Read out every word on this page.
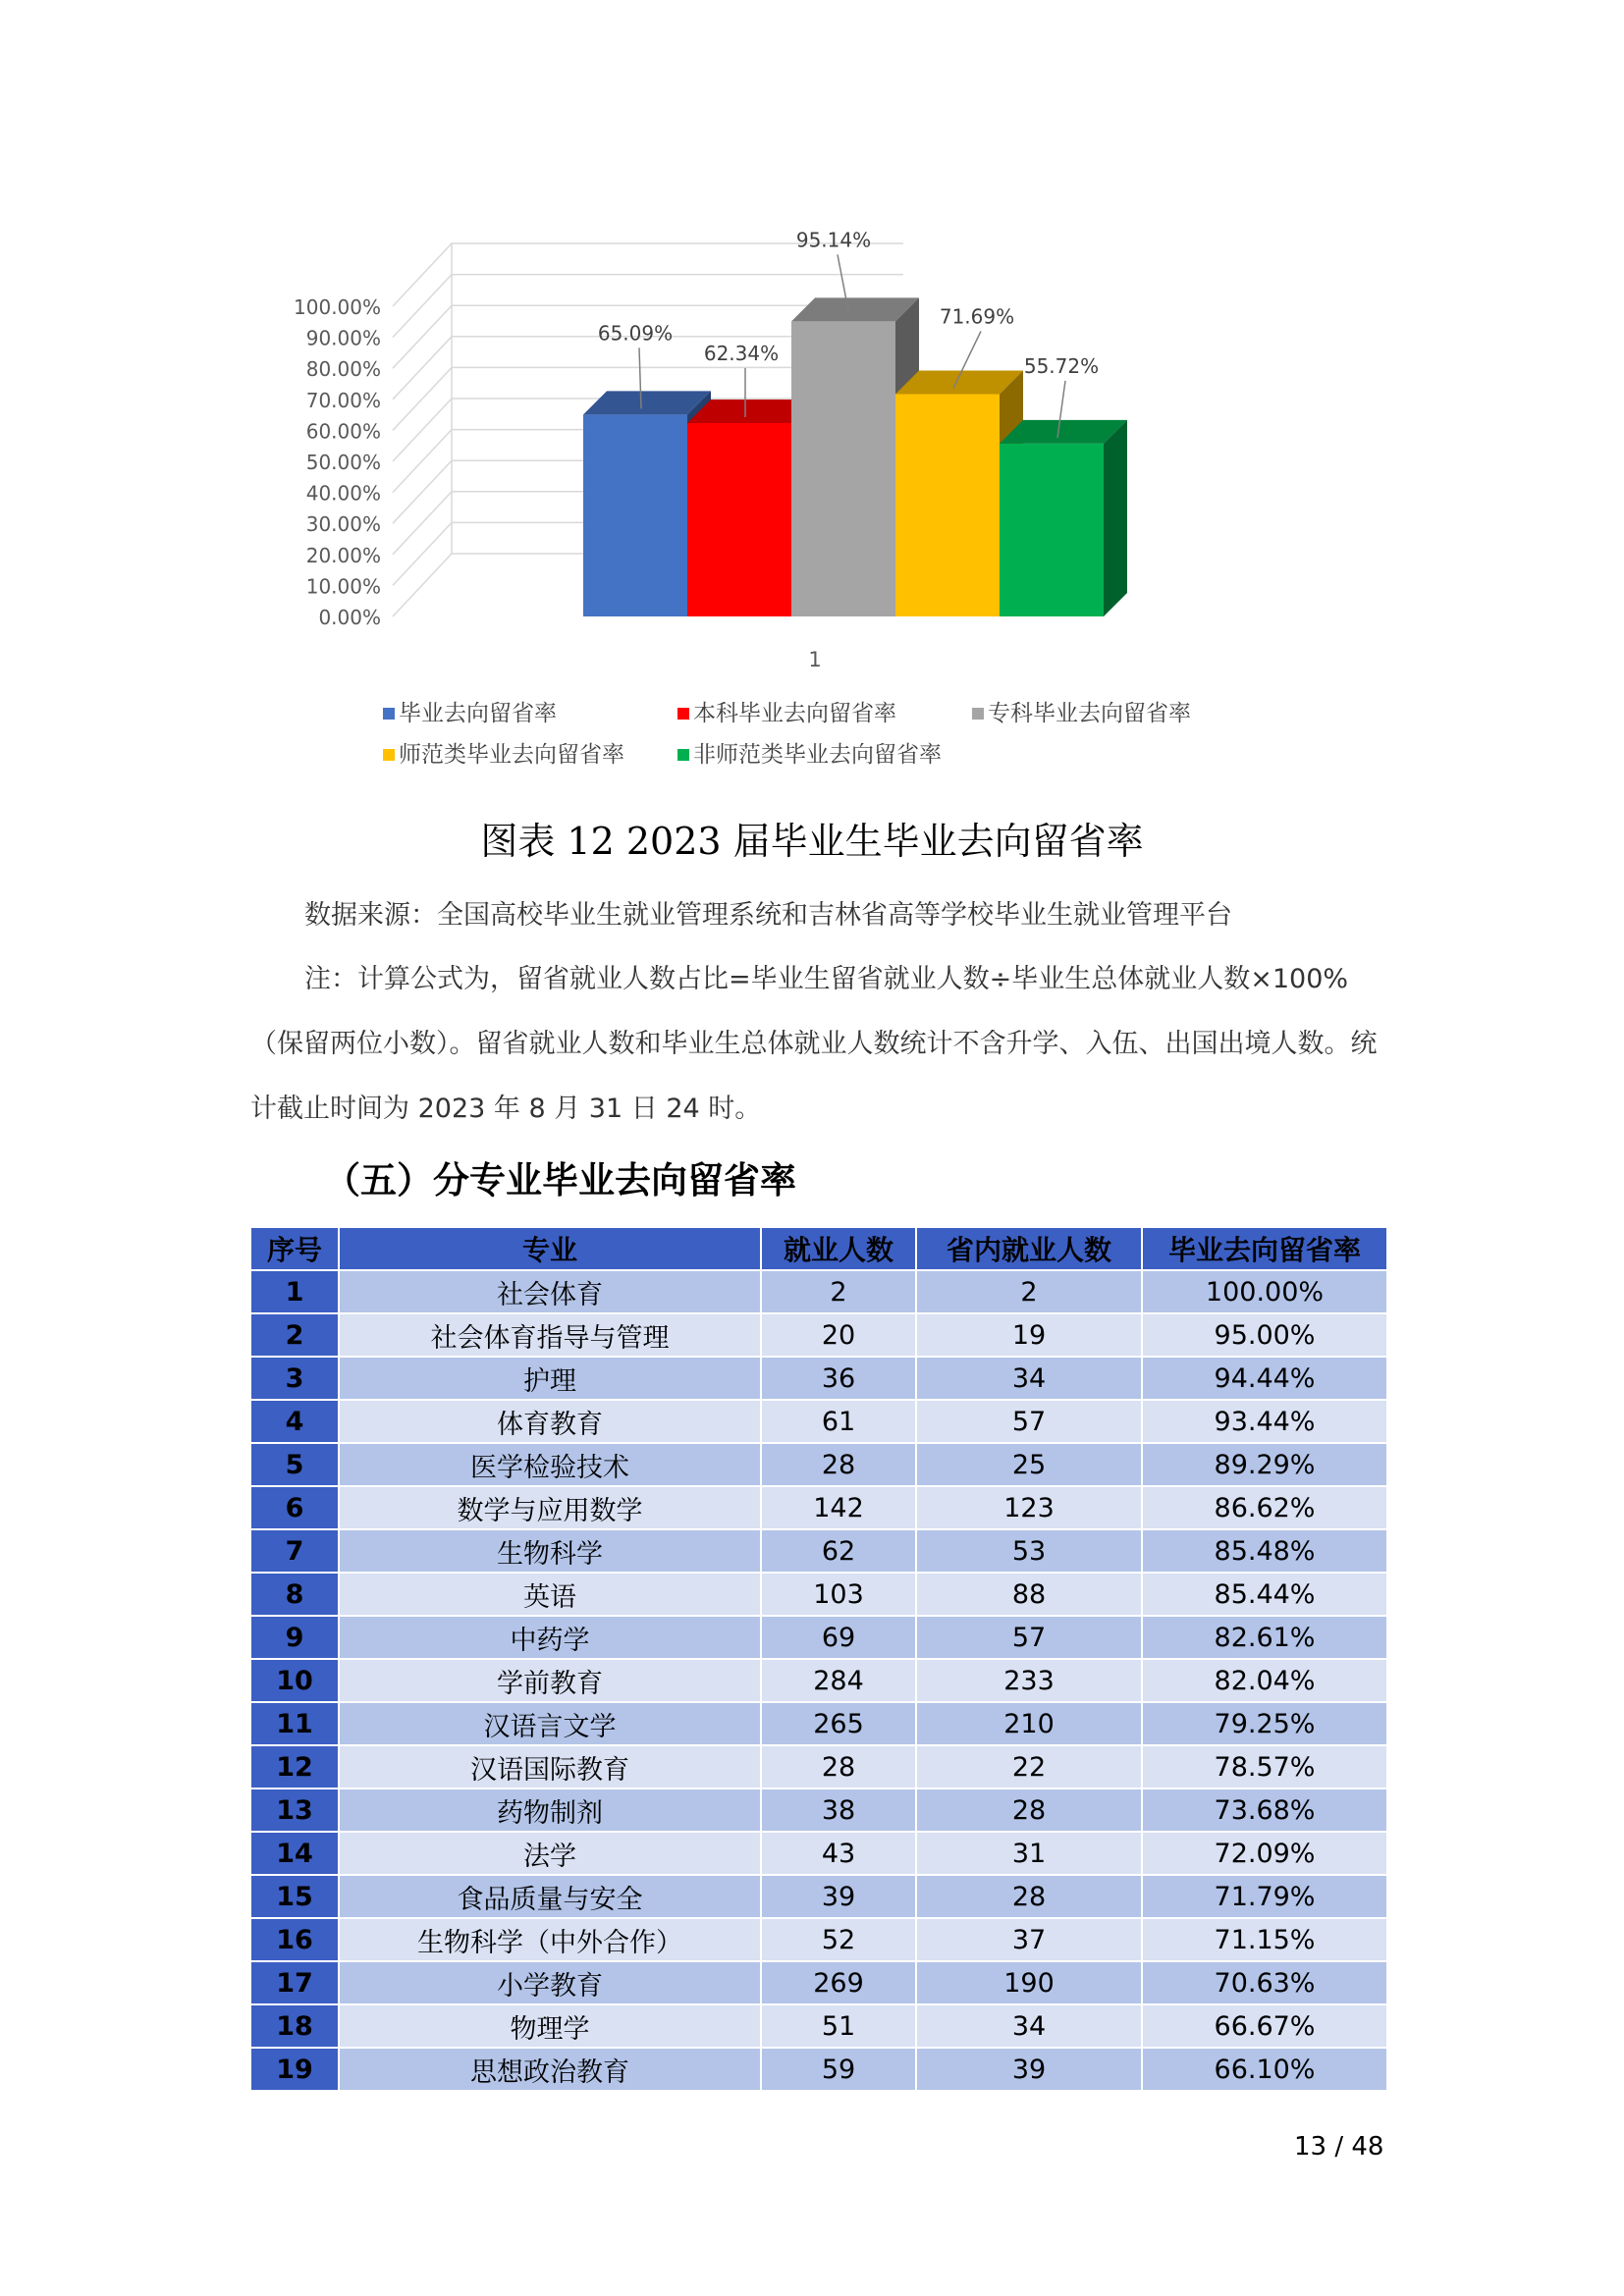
0.00%
10.00%
20.00%
30.00%
40.00%
50.00%
60.00%
70.00%
80.00%
90.00%
100.00%
65.09%
62.34%
95.14%
71.69%
55.72%
1
毕业去向留省率	本科毕业去向留省率	专科毕业去向留省率
师范类毕业去向留省率	非师范类毕业去向留省率
图表 12 2023 届毕业生毕业去向留省率
数据来源：全国高校毕业生就业管理系统和吉林省高等学校毕业生就业管理平台
注：计算公式为，留省就业人数占比=毕业生留省就业人数÷毕业生总体就业人数×100%（保留两位小数）。留省就业人数和毕业生总体就业人数统计不含升学、入伍、出国出境人数。统计截止时间为 2023 年 8 月 31 日 24 时。
（五）分专业毕业去向留省率
序号	专业	就业人数	省内就业人数	毕业去向留省率
1	社会体育	2	2	100.00%
2	社会体育指导与管理	20	19	95.00%
3	护理	36	34	94.44%
4	体育教育	61	57	93.44%
5	医学检验技术	28	25	89.29%
6	数学与应用数学	142	123	86.62%
7	生物科学	62	53	85.48%
8	英语	103	88	85.44%
9	中药学	69	57	82.61%
10	学前教育	284	233	82.04%
11	汉语言文学	265	210	79.25%
12	汉语国际教育	28	22	78.57%
13	药物制剂	38	28	73.68%
14	法学	43	31	72.09%
15	食品质量与安全	39	28	71.79%
16	生物科学（中外合作）	52	37	71.15%
17	小学教育	269	190	70.63%
18	物理学	51	34	66.67%
19	思想政治教育	59	39	66.10%
13 / 48
